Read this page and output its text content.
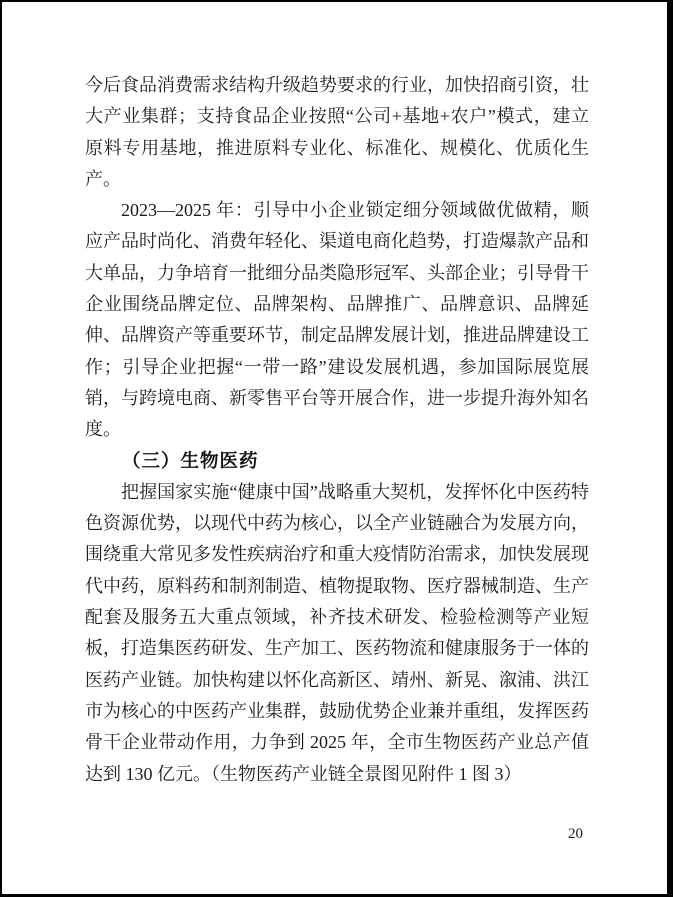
今后食品消费需求结构升级趋势要求的行业，加快招商引资，壮大产业集群；支持食品企业按照“公司+基地+农户”模式，建立原料专用基地，推进原料专业化、标准化、规模化、优质化生产。

2023—2025 年：引导中小企业锁定细分领域做优做精，顺应产品时尚化、消费年轻化、渠道电商化趋势，打造爆款产品和大单品，力争培育一批细分品类隐形冠军、头部企业；引导骨干企业围绕品牌定位、品牌架构、品牌推广、品牌意识、品牌延伸、品牌资产等重要环节，制定品牌发展计划，推进品牌建设工作；引导企业把握“一带一路”建设发展机遇，参加国际展览展销，与跨境电商、新零售平台等开展合作，进一步提升海外知名度。

（三）生物医药

把握国家实施“健康中国”战略重大契机，发挥怀化中医药特色资源优势，以现代中药为核心，以全产业链融合为发展方向，围绕重大常见多发性疾病治疗和重大疫情防治需求，加快发展现代中药，原料药和制剂制造、植物提取物、医疗器械制造、生产配套及服务五大重点领域，补齐技术研发、检验检测等产业短板，打造集医药研发、生产加工、医药物流和健康服务于一体的医药产业链。加快构建以怀化高新区、靖州、新晃、溆浦、洪江市为核心的中医药产业集群，鼓励优势企业兼并重组，发挥医药骨干企业带动作用，力争到 2025 年，全市生物医药产业总产值达到 130 亿元。（生物医药产业链全景图见附件 1 图 3）

20
